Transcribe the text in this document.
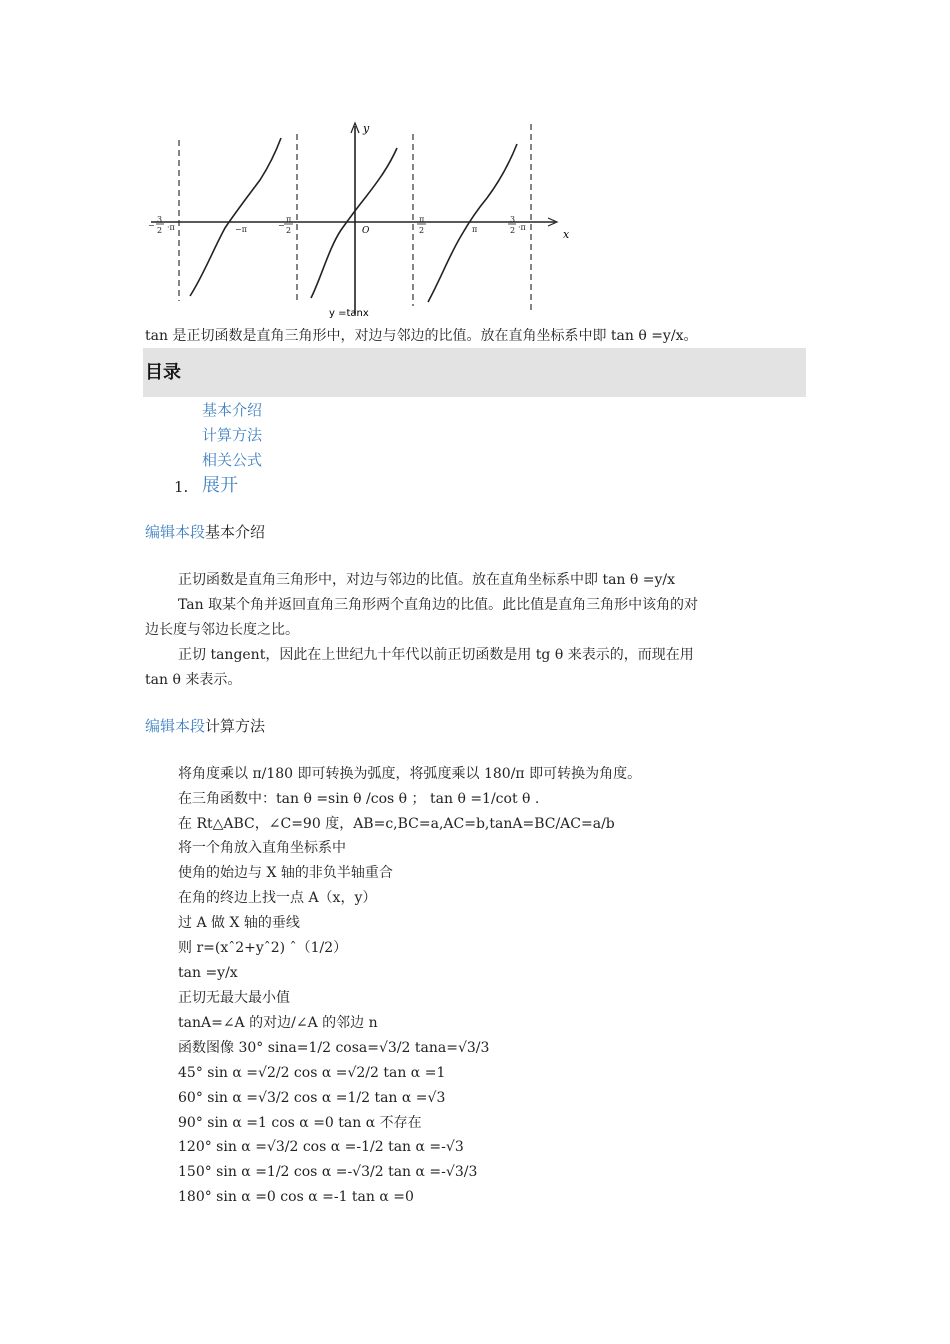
y
x
O
−
3
2 ·π	−π	−
π
2
π
2	π
3
2 ·π
y =tanx
tan 是正切函数是直角三角形中，对边与邻边的比值。放在直角坐标系中即 tan θ =y/x。
目录
基本介绍
计算方法
相关公式
1. 展开
编辑本段基本介绍
正切函数是直角三角形中，对边与邻边的比值。放在直角坐标系中即 tan θ =y/x
Tan 取某个角并返回直角三角形两个直角边的比值。此比值是直角三角形中该角的对
边长度与邻边长度之比。
正切 tangent，因此在上世纪九十年代以前正切函数是用 tg θ 来表示的，而现在用
tan θ 来表示。
编辑本段计算方法
将角度乘以 π/180 即可转换为弧度，将弧度乘以 180/π 即可转换为角度。
在三角函数中：tan θ =sin θ /cos θ ； tan θ =1/cot θ .
在 Rt△ABC，∠C=90 度，AB=c,BC=a,AC=b,tanA=BC/AC=a/b
将一个角放入直角坐标系中
使角的始边与 X 轴的非负半轴重合
在角的终边上找一点 A（x，y）
过 A 做 X 轴的垂线
则 r=(xˆ2+yˆ2) ˆ（1/2）
tan =y/x
正切无最大最小值
tanA=∠A 的对边/∠A 的邻边 n
函数图像 30° sina=1/2 cosa=√3/2 tana=√3/3
45° sin α =√2/2 cos α =√2/2 tan α =1
60° sin α =√3/2 cos α =1/2 tan α =√3
90° sin α =1 cos α =0 tan α 不存在
120° sin α =√3/2 cos α =-1/2 tan α =-√3
150° sin α =1/2 cos α =-√3/2 tan α =-√3/3
180° sin α =0 cos α =-1 tan α =0
